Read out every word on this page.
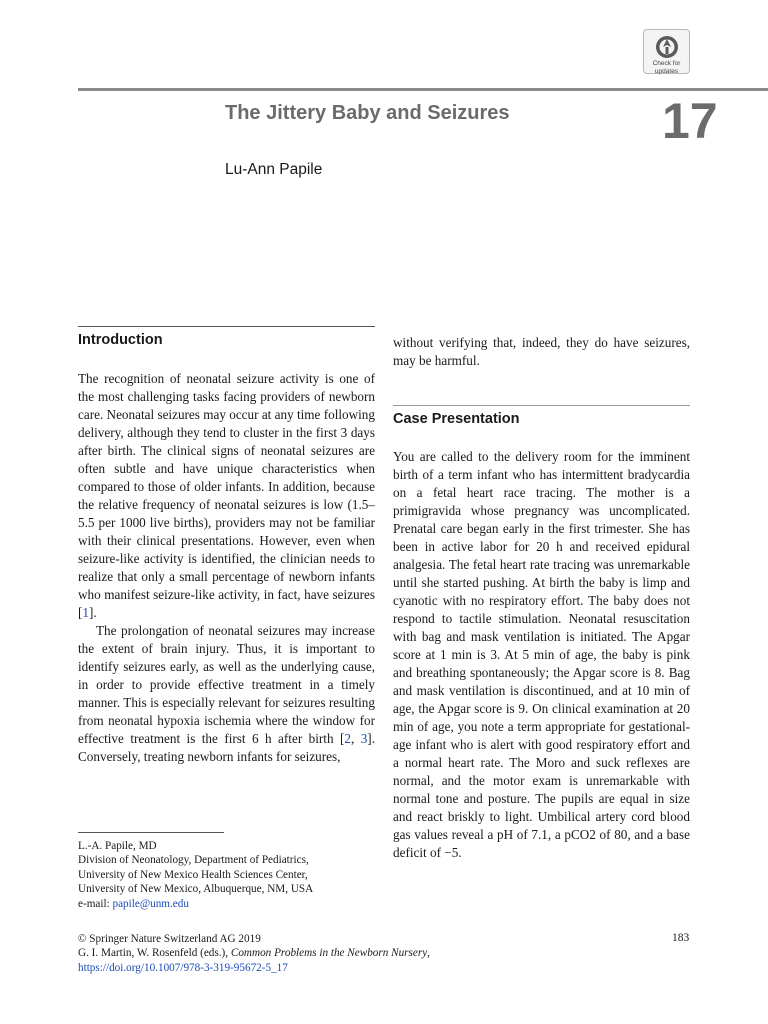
Check for
updates
The Jittery Baby and Seizures	17
Lu-Ann Papile
Introduction

The recognition of neonatal seizure activity is one of the most challenging tasks facing providers of newborn care. Neonatal seizures may occur at any time following delivery, although they tend to cluster in the first 3 days after birth. The clinical signs of neonatal seizures are often subtle and have unique characteristics when compared to those of older infants. In addition, because the relative frequency of neonatal seizures is low (1.5–5.5 per 1000 live births), providers may not be familiar with their clinical presentations. However, even when seizure-like activity is identified, the clinician needs to realize that only a small percentage of newborn infants who manifest seizure-like activity, in fact, have seizures [1].

The prolongation of neonatal seizures may increase the extent of brain injury. Thus, it is important to identify seizures early, as well as the underlying cause, in order to provide effective treatment in a timely manner. This is especially relevant for seizures resulting from neonatal hypoxia ischemia where the window for effective treatment is the first 6 h after birth [2, 3]. Conversely, treating newborn infants for seizures,

L.-A. Papile, MD
Division of Neonatology, Department of Pediatrics,
University of New Mexico Health Sciences Center,
University of New Mexico, Albuquerque, NM, USA
e-mail: papile@unm.edu

without verifying that, indeed, they do have seizures, may be harmful.

Case Presentation

You are called to the delivery room for the imminent birth of a term infant who has intermittent bradycardia on a fetal heart race tracing. The mother is a primigravida whose pregnancy was uncomplicated. Prenatal care began early in the first trimester. She has been in active labor for 20 h and received epidural analgesia. The fetal heart rate tracing was unremarkable until she started pushing. At birth the baby is limp and cyanotic with no respiratory effort. The baby does not respond to tactile stimulation. Neonatal resuscitation with bag and mask ventilation is initiated. The Apgar score at 1 min is 3. At 5 min of age, the baby is pink and breathing spontaneously; the Apgar score is 8. Bag and mask ventilation is discontinued, and at 10 min of age, the Apgar score is 9. On clinical examination at 20 min of age, you note a term appropriate for gestational-age infant who is alert with good respiratory effort and a normal heart rate. The Moro and suck reflexes are normal, and the motor exam is unremarkable with normal tone and posture. The pupils are equal in size and react briskly to light. Umbilical artery cord blood gas values reveal a pH of 7.1, a pCO2 of 80, and a base deficit of −5.

© Springer Nature Switzerland AG 2019
G. I. Martin, W. Rosenfeld (eds.), Common Problems in the Newborn Nursery,
https://doi.org/10.1007/978-3-319-95672-5_17
183
